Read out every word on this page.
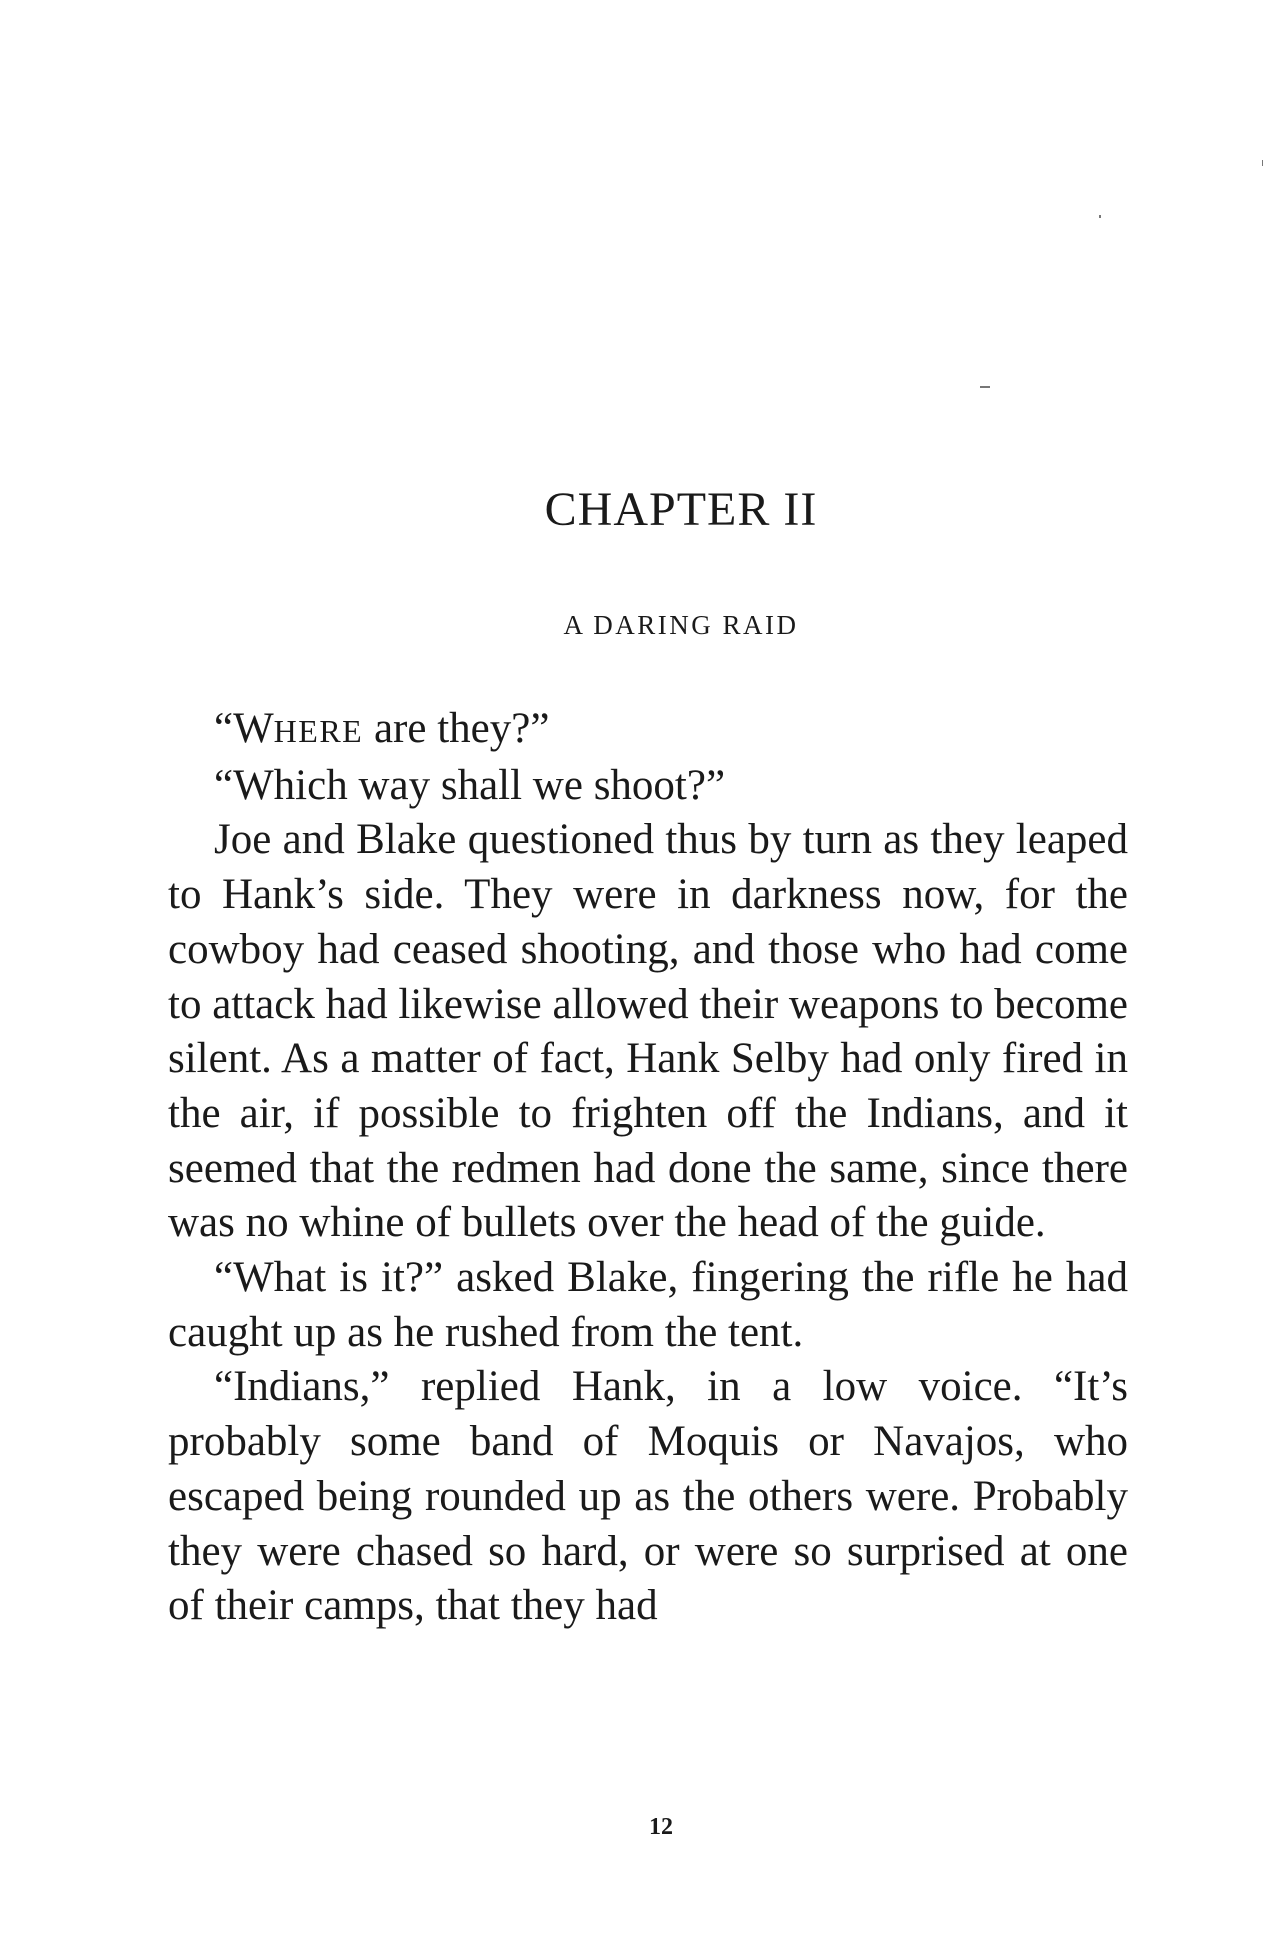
CHAPTER II
A DARING RAID

“WHERE are they?”

“Which way shall we shoot?”

Joe and Blake questioned thus by turn as they leaped to Hank’s side. They were in darkness now, for the cowboy had ceased shooting, and those who had come to attack had likewise allowed their weapons to become silent. As a matter of fact, Hank Selby had only fired in the air, if possible to frighten off the Indians, and it seemed that the redmen had done the same, since there was no whine of bullets over the head of the guide.

“What is it?” asked Blake, fingering the rifle he had caught up as he rushed from the tent.

“Indians,” replied Hank, in a low voice. “It’s probably some band of Moquis or Navajos, who escaped being rounded up as the others were. Probably they were chased so hard, or were so surprised at one of their camps, that they had

12
